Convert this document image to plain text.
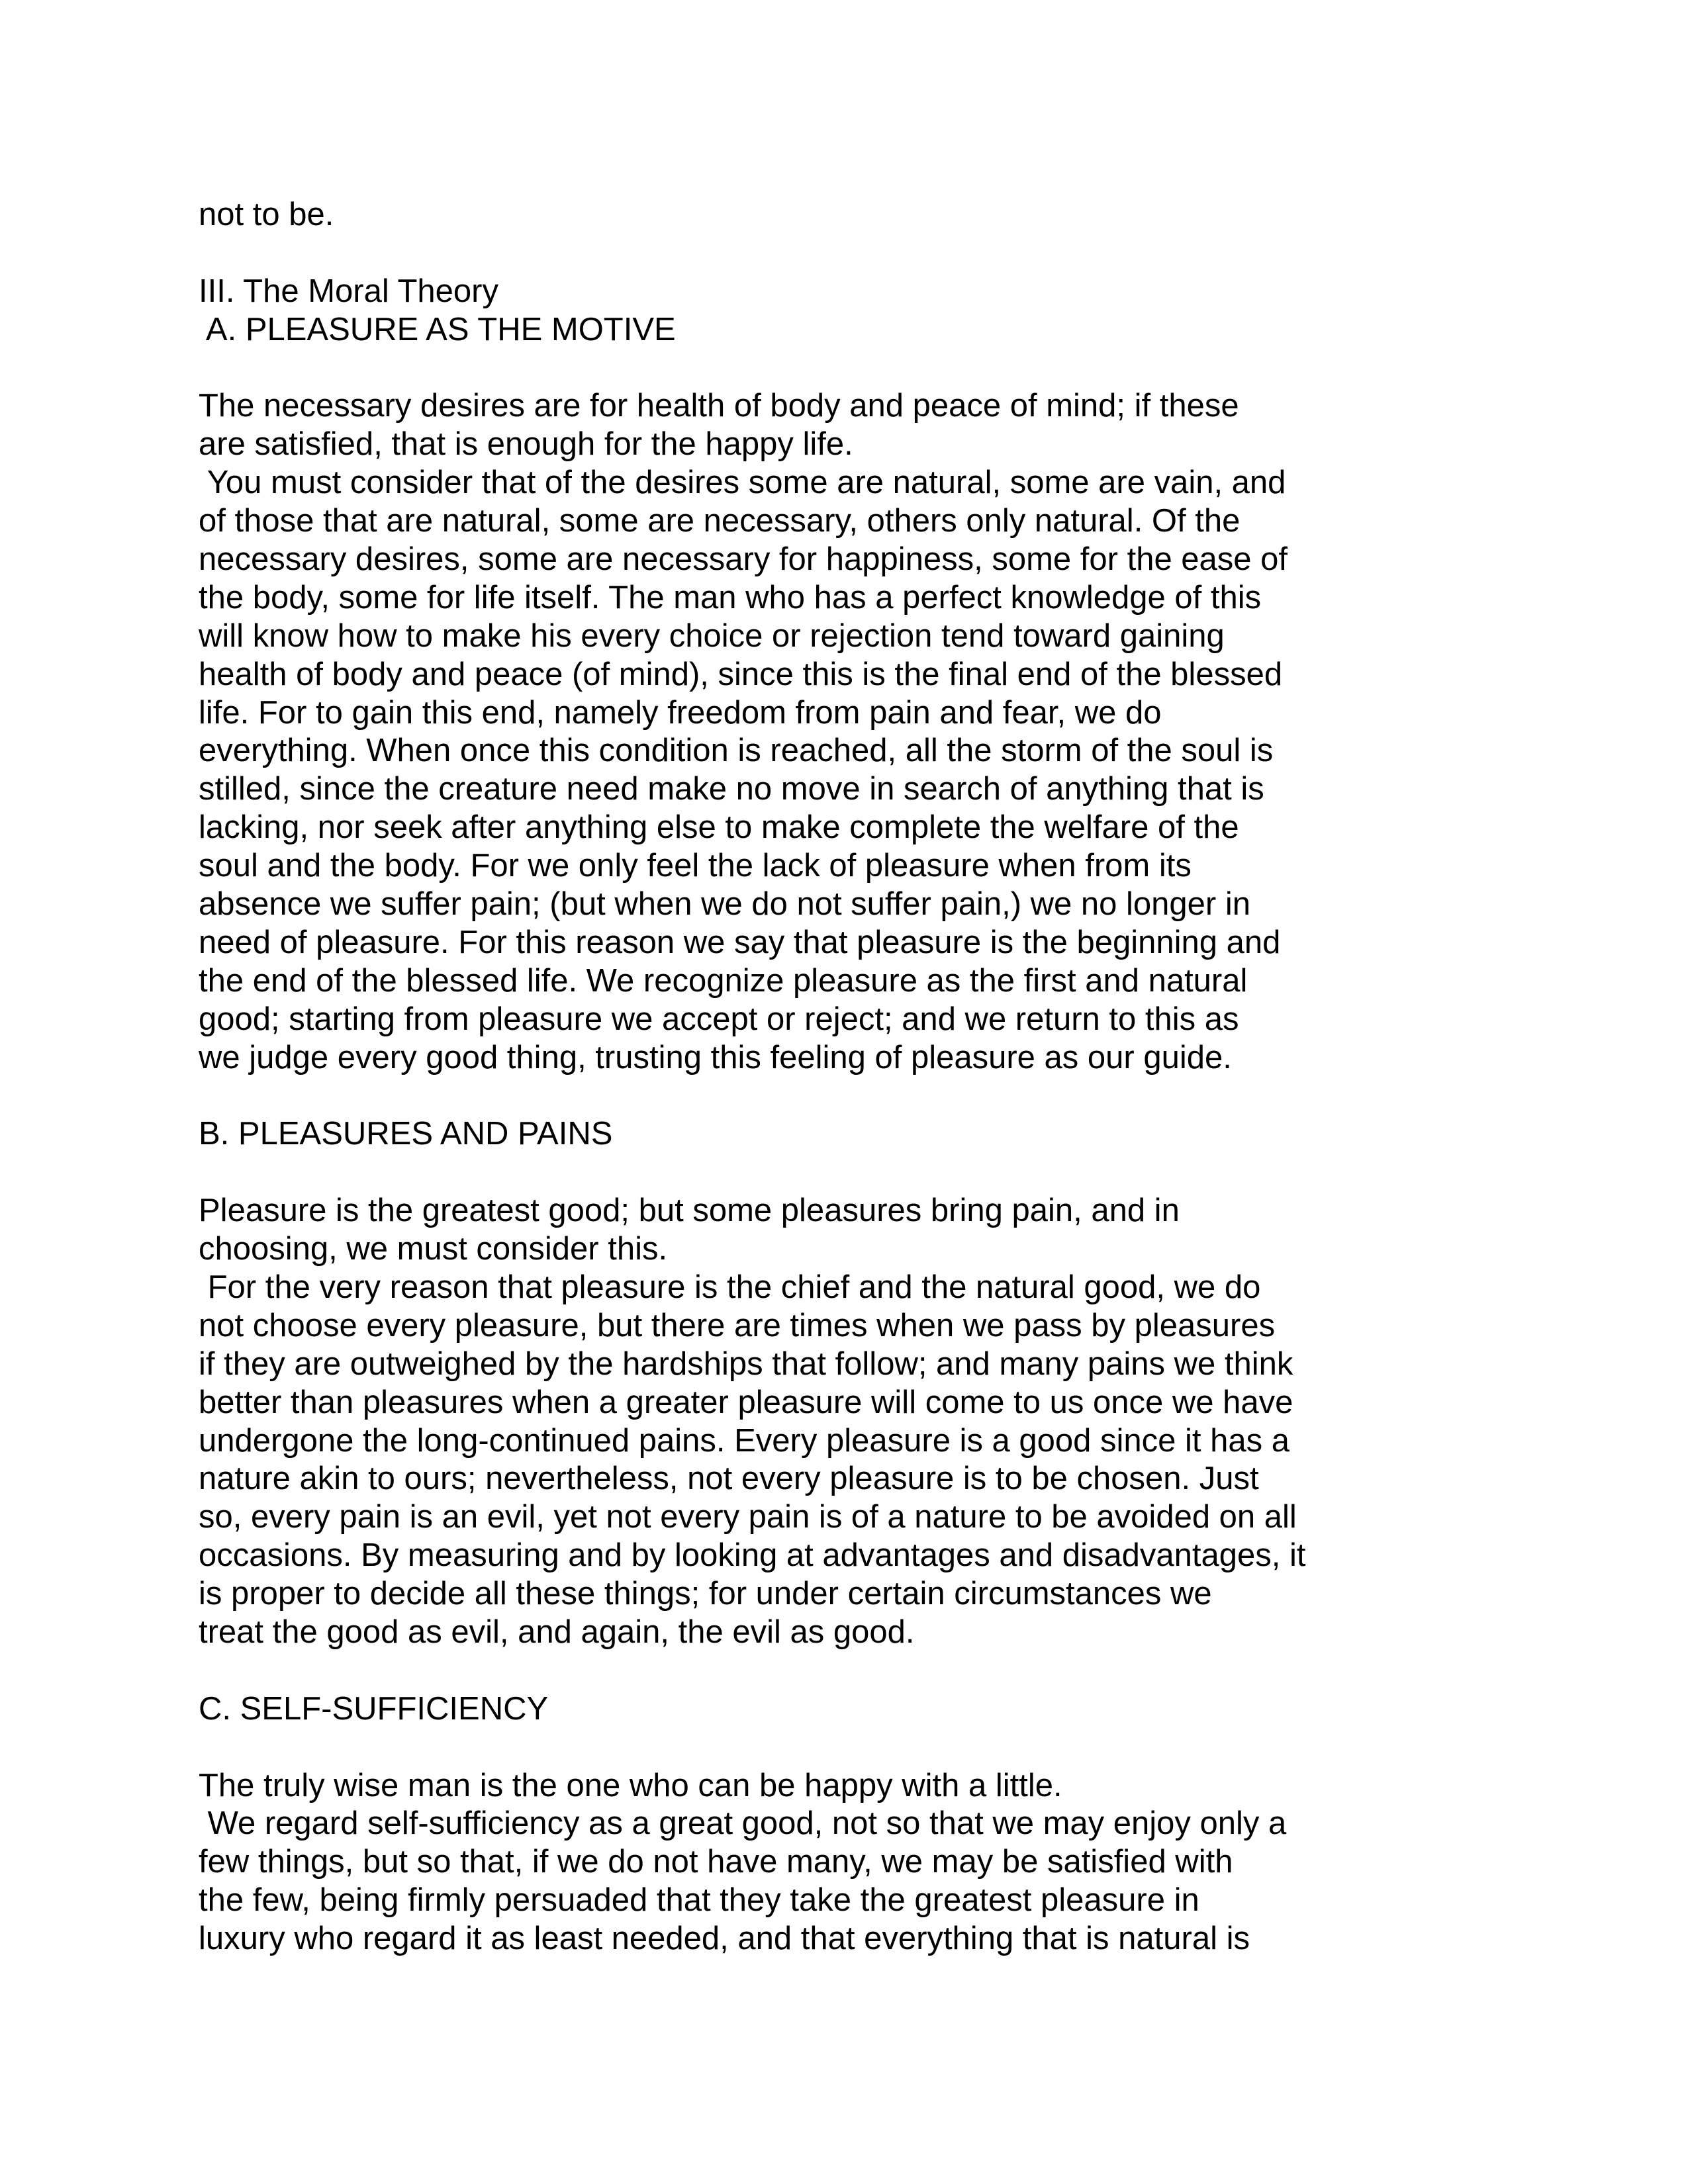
not to be.
III. The Moral Theory
A. PLEASURE AS THE MOTIVE
The necessary desires are for health of body and peace of mind; if these
are satisfied, that is enough for the happy life.
You must consider that of the desires some are natural, some are vain, and
of those that are natural, some are necessary, others only natural. Of the
necessary desires, some are necessary for happiness, some for the ease of
the body, some for life itself. The man who has a perfect knowledge of this
will know how to make his every choice or rejection tend toward gaining
health of body and peace (of mind), since this is the final end of the blessed
life. For to gain this end, namely freedom from pain and fear, we do
everything. When once this condition is reached, all the storm of the soul is
stilled, since the creature need make no move in search of anything that is
lacking, nor seek after anything else to make complete the welfare of the
soul and the body. For we only feel the lack of pleasure when from its
absence we suffer pain; (but when we do not suffer pain,) we no longer in
need of pleasure. For this reason we say that pleasure is the beginning and
the end of the blessed life. We recognize pleasure as the first and natural
good; starting from pleasure we accept or reject; and we return to this as
we judge every good thing, trusting this feeling of pleasure as our guide.
B. PLEASURES AND PAINS
Pleasure is the greatest good; but some pleasures bring pain, and in
choosing, we must consider this.
For the very reason that pleasure is the chief and the natural good, we do
not choose every pleasure, but there are times when we pass by pleasures
if they are outweighed by the hardships that follow; and many pains we think
better than pleasures when a greater pleasure will come to us once we have
undergone the long-continued pains. Every pleasure is a good since it has a
nature akin to ours; nevertheless, not every pleasure is to be chosen. Just
so, every pain is an evil, yet not every pain is of a nature to be avoided on all
occasions. By measuring and by looking at advantages and disadvantages, it
is proper to decide all these things; for under certain circumstances we
treat the good as evil, and again, the evil as good.
C. SELF-SUFFICIENCY
The truly wise man is the one who can be happy with a little.
We regard self-sufficiency as a great good, not so that we may enjoy only a
few things, but so that, if we do not have many, we may be satisfied with
the few, being firmly persuaded that they take the greatest pleasure in
luxury who regard it as least needed, and that everything that is natural is
